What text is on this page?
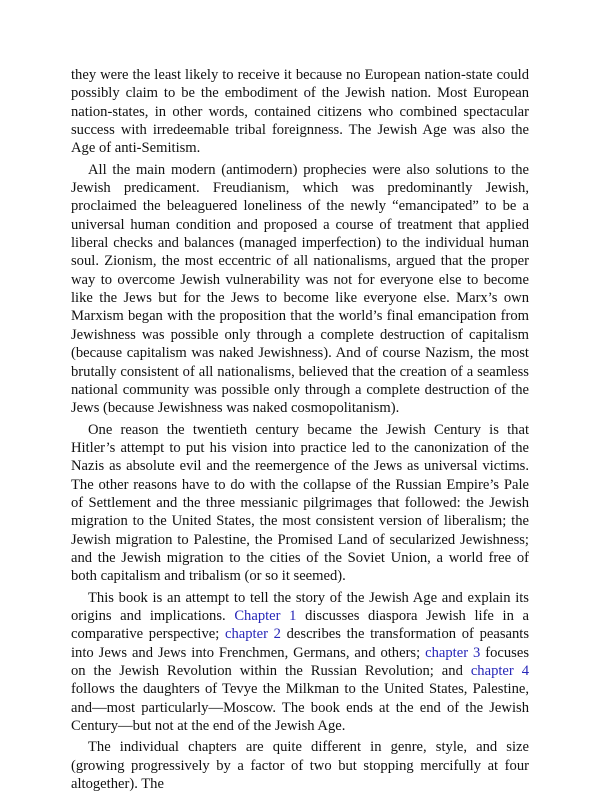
they were the least likely to receive it because no European nation-state could possibly claim to be the embodiment of the Jewish nation. Most European nation-states, in other words, contained citizens who combined spectacular success with irredeemable tribal foreignness. The Jewish Age was also the Age of anti-Semitism.

All the main modern (antimodern) prophecies were also solutions to the Jewish predicament. Freudianism, which was predominantly Jewish, proclaimed the beleaguered loneliness of the newly “emancipated” to be a universal human condition and proposed a course of treatment that applied liberal checks and balances (managed imperfection) to the individual human soul. Zionism, the most eccentric of all nationalisms, argued that the proper way to overcome Jewish vulnerability was not for everyone else to become like the Jews but for the Jews to become like everyone else. Marx’s own Marxism began with the proposition that the world’s final emancipation from Jewishness was possible only through a complete destruction of capitalism (because capitalism was naked Jewishness). And of course Nazism, the most brutally consistent of all nationalisms, believed that the creation of a seamless national community was possible only through a complete destruction of the Jews (because Jewishness was naked cosmopolitanism).

One reason the twentieth century became the Jewish Century is that Hitler’s attempt to put his vision into practice led to the canonization of the Nazis as absolute evil and the reemergence of the Jews as universal victims. The other reasons have to do with the collapse of the Russian Empire’s Pale of Settlement and the three messianic pilgrimages that followed: the Jewish migration to the United States, the most consistent version of liberalism; the Jewish migration to Palestine, the Promised Land of secularized Jewishness; and the Jewish migration to the cities of the Soviet Union, a world free of both capitalism and tribalism (or so it seemed).

This book is an attempt to tell the story of the Jewish Age and explain its origins and implications. Chapter 1 discusses diaspora Jewish life in a comparative perspective; chapter 2 describes the transformation of peasants into Jews and Jews into Frenchmen, Germans, and others; chapter 3 focuses on the Jewish Revolution within the Russian Revolution; and chapter 4 follows the daughters of Tevye the Milkman to the United States, Palestine, and—most particularly—Moscow. The book ends at the end of the Jewish Century—but not at the end of the Jewish Age.

The individual chapters are quite different in genre, style, and size (growing progressively by a factor of two but stopping mercifully at four altogether). The
